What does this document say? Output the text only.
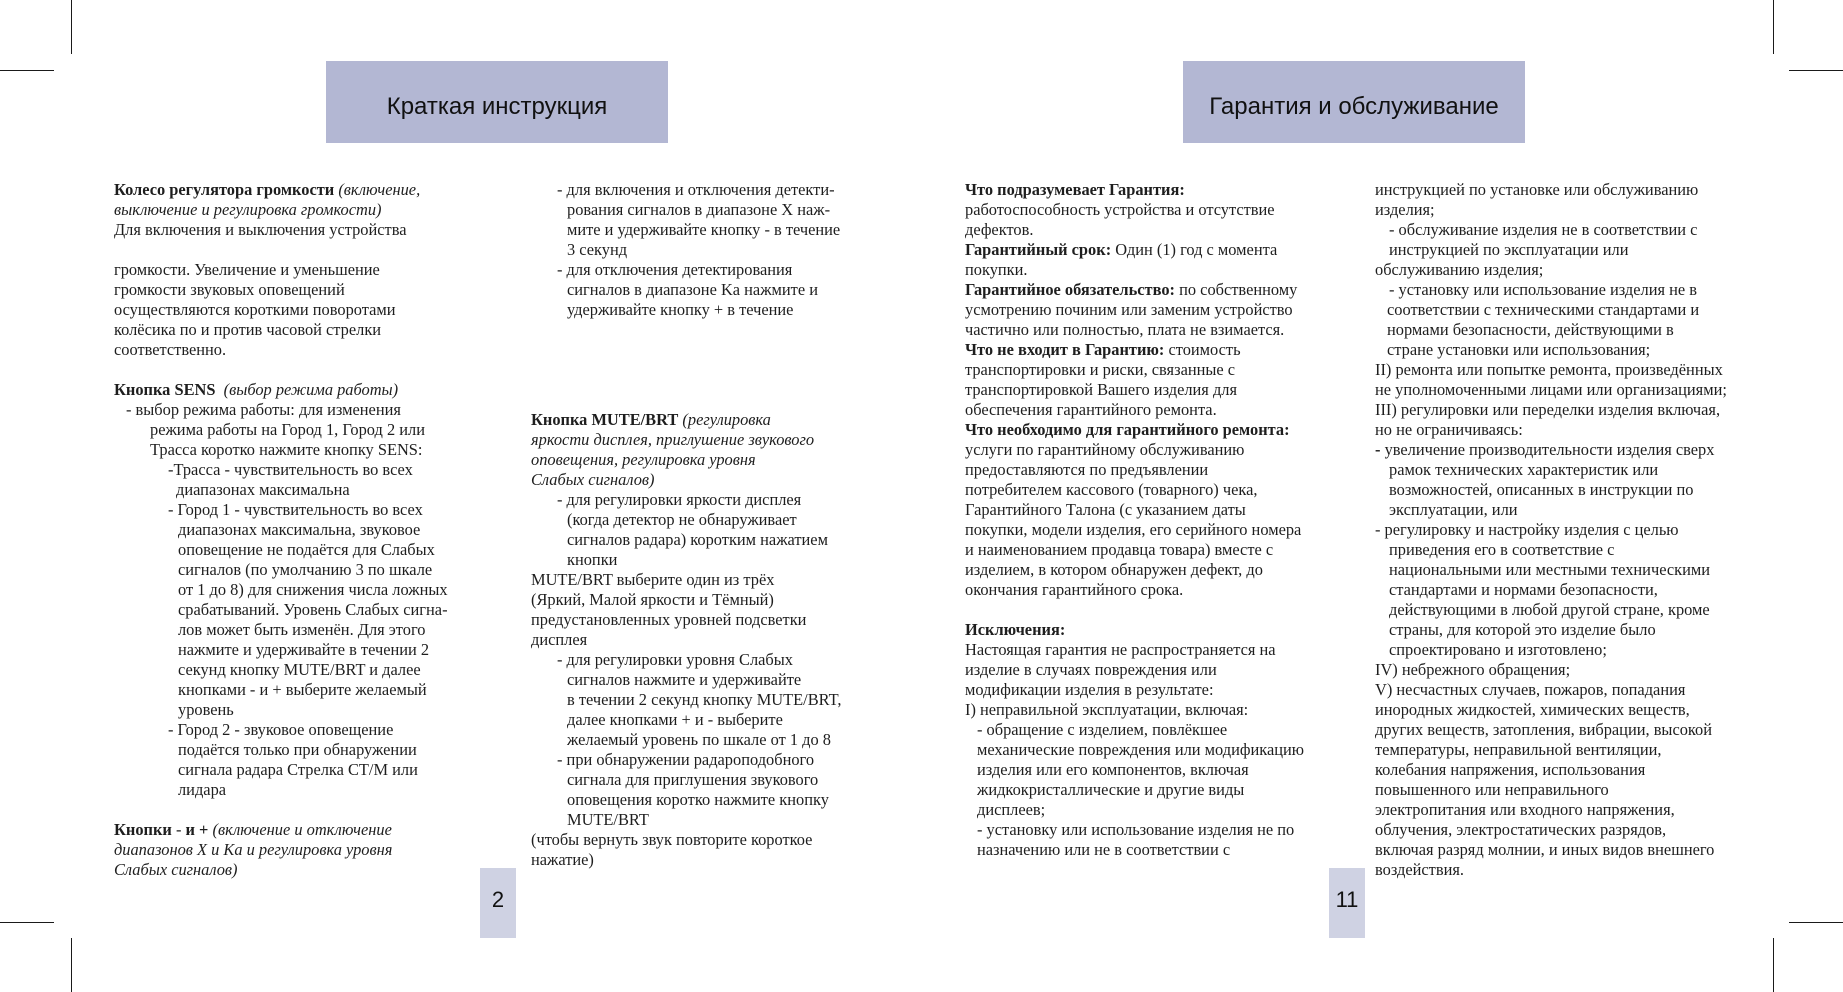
Краткая инструкция	Гарантия и обслуживание
2	11

Колесо регулятора громкости (включение,

выключение и регулировка громкости)

Для включения и выключения устройства

громкости. Увеличение и уменьшение

громкости звуковых оповещений

осуществляются короткими поворотами

колёсика по и против часовой стрелки

соответственно.

Кнопка SENS  (выбор режима работы)

- выбор режима работы: для изменения

режима работы на Город 1, Город 2 или

Трасса коротко нажмите кнопку SENS:

-Трасса - чувствительность во всех

диапазонах максимальна

- Город 1 - чувствительность во всех

диапазонах максимальна, звуковое

оповещение не подаётся для Слабых

сигналов (по умолчанию 3 по шкале

от 1 до 8) для снижения числа ложных

срабатываний. Уровень Слабых сигна-

лов может быть изменён. Для этого

нажмите и удерживайте в течении 2

секунд кнопку MUTE/BRT и далее

кнопками - и + выберите желаемый

уровень

- Город 2 - звуковое оповещение

подаётся только при обнаружении

сигнала радара Стрелка СТ/М или

лидара

Кнопки - и + (включение и отключение

диапазонов X и Ka и регулировка уровня

Слабых сигналов)

- для включения и отключения детекти-

рования сигналов в диапазоне X наж-

мите и удерживайте кнопку - в течение

3 секунд

- для отключения детектирования

сигналов в диапазоне Ka нажмите и

удерживайте кнопку + в течение

Кнопка MUTE/BRT (регулировка

яркости дисплея, приглушение звукового

оповещения, регулировка уровня

Слабых сигналов)

- для регулировки яркости дисплея

(когда детектор не обнаруживает

сигналов радара) коротким нажатием

кнопки

MUTE/BRT выберите один из трёх

(Яркий, Малой яркости и Тёмный)

предустановленных уровней подсветки

дисплея

- для регулировки уровня Слабых

сигналов нажмите и удерживайте

в течении 2 секунд кнопку MUTE/BRT,

далее кнопками + и - выберите

желаемый уровень по шкале от 1 до 8

- при обнаружении радароподобного

сигнала для приглушения звукового

оповещения коротко нажмите кнопку

MUTE/BRT

(чтобы вернуть звук повторите короткое

нажатие)

Что подразумевает Гарантия:

работоспособность устройства и отсутствие

дефектов.

Гарантийный срок: Один (1) год с момента

покупки.

Гарантийное обязательство: по собственному

усмотрению починим или заменим устройство

частично или полностью, плата не взимается.

Что не входит в Гарантию: стоимость

транспортировки и риски, связанные с

транспортировкой Вашего изделия для

обеспечения гарантийного ремонта.

Что необходимо для гарантийного ремонта:

услуги по гарантийному обслуживанию

предоставляются по предъявлении

потребителем кассового (товарного) чека,

Гарантийного Талона (с указанием даты

покупки, модели изделия, его серийного номера

и наименованием продавца товара) вместе с

изделием, в котором обнаружен дефект, до

окончания гарантийного срока.

Исключения:

Настоящая гарантия не распространяется на

изделие в случаях повреждения или

модификации изделия в результате:

I) неправильной эксплуатации, включая:

- обращение с изделием, повлёкшее

механические повреждения или модификацию

изделия или его компонентов, включая

жидкокристаллические и другие виды

дисплеев;

- установку или использование изделия не по

назначению или не в соответствии с

инструкцией по установке или обслуживанию

изделия;

- обслуживание изделия не в соответствии с

инструкцией по эксплуатации или

обслуживанию изделия;

- установку или использование изделия не в

соответствии с техническими стандартами и

нормами безопасности, действующими в

стране установки или использования;

II) ремонта или попытке ремонта, произведённых

не уполномоченными лицами или организациями;

III) регулировки или переделки изделия включая,

но не ограничиваясь:

- увеличение производительности изделия сверх

рамок технических характеристик или

возможностей, описанных в инструкции по

эксплуатации, или

- регулировку и настройку изделия с целью

приведения его в соответствие с

национальными или местными техническими

стандартами и нормами безопасности,

действующими в любой другой стране, кроме

страны, для которой это изделие было

спроектировано и изготовлено;

IV) небрежного обращения;

V) несчастных случаев, пожаров, попадания

инородных жидкостей, химических веществ,

других веществ, затопления, вибрации, высокой

температуры, неправильной вентиляции,

колебания напряжения, использования

повышенного или неправильного

электропитания или входного напряжения,

облучения, электростатических разрядов,

включая разряд молнии, и иных видов внешнего

воздействия.
